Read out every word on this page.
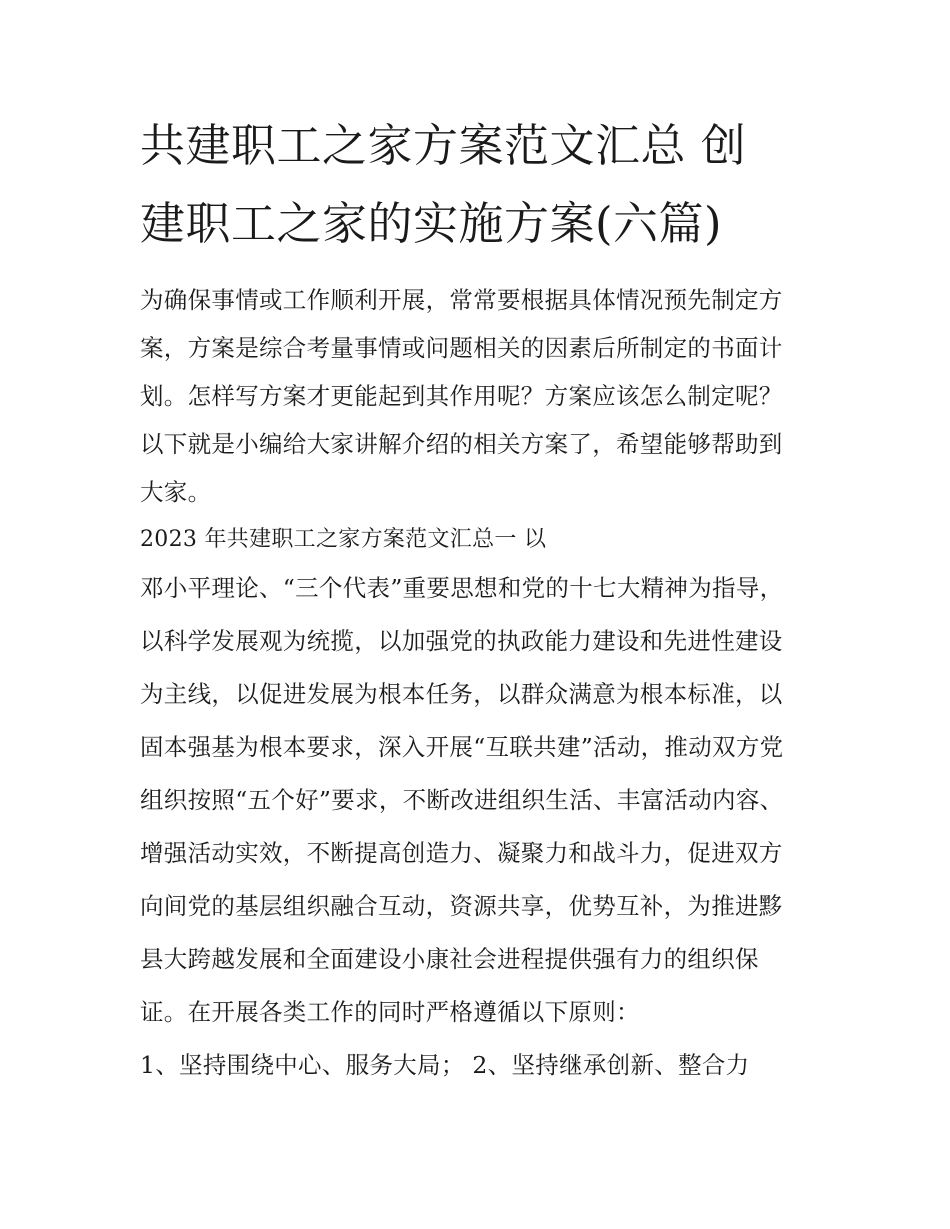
共建职工之家方案范文汇总 创
建职工之家的实施方案(六篇)
为确保事情或工作顺利开展，常常要根据具体情况预先制定方
案，方案是综合考量事情或问题相关的因素后所制定的书面计
划。怎样写方案才更能起到其作用呢？方案应该怎么制定呢？
以下就是小编给大家讲解介绍的相关方案了，希望能够帮助到
大家。
2023 年共建职工之家方案范文汇总一 以
邓小平理论、“三个代表”重要思想和党的十七大精神为指导，
以科学发展观为统揽，以加强党的执政能力建设和先进性建设
为主线，以促进发展为根本任务，以群众满意为根本标准，以
固本强基为根本要求，深入开展“互联共建”活动，推动双方党
组织按照“五个好”要求，不断改进组织生活、丰富活动内容、
增强活动实效，不断提高创造力、凝聚力和战斗力，促进双方
向间党的基层组织融合互动，资源共享，优势互补，为推进黟
县大跨越发展和全面建设小康社会进程提供强有力的组织保
证。在开展各类工作的同时严格遵循以下原则：
1、坚持围绕中心、服务大局； 2、坚持继承创新、整合力
